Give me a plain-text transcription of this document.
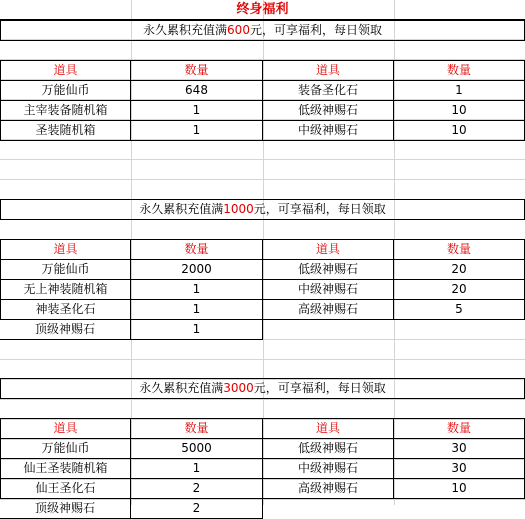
终身福利
永久累积充值满600元，可享福利，每日领取
道具	数量	道具	数量
万能仙币	648	装备圣化石	1
主宰装备随机箱	1	低级神赐石	10
圣装随机箱	1	中级神赐石	10
永久累积充值满1000元，可享福利，每日领取
道具	数量	道具	数量
万能仙币	2000	低级神赐石	20
无上神装随机箱	1	中级神赐石	20
神装圣化石	1	高级神赐石	5
顶级神赐石	1
永久累积充值满3000元，可享福利，每日领取
道具	数量	道具	数量
万能仙币	5000	低级神赐石	30
仙王圣装随机箱	1	中级神赐石	30
仙王圣化石	2	高级神赐石	10
顶级神赐石	2
